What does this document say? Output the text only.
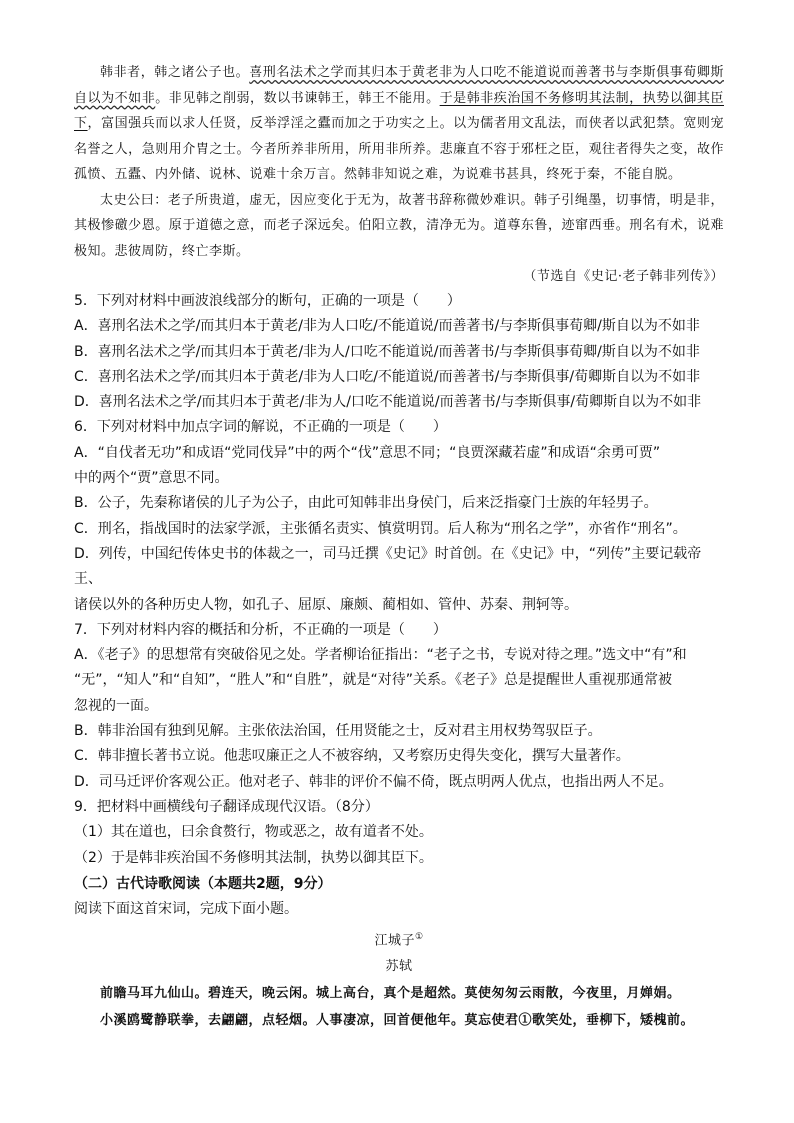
韩非者，韩之诸公子也。喜刑名法术之学而其归本于黄老非为人口吃不能道说而善著书与李斯俱事荀卿斯自以为不如非。非见韩之削弱，数以书谏韩王，韩王不能用。于是韩非疾治国不务修明其法制，执势以御其臣下，富国强兵而以求人任贤，反举浮淫之蠹而加之于功实之上。以为儒者用文乱法，而侠者以武犯禁。宽则宠名誉之人，急则用介胄之士。今者所养非所用，所用非所养。悲廉直不容于邪枉之臣，观往者得失之变，故作孤愤、五蠹、内外储、说林、说难十余万言。然韩非知说之难，为说难书甚具，终死于秦，不能自脱。

太史公曰：老子所贵道，虚无，因应变化于无为，故著书辞称微妙难识。韩子引绳墨，切事情，明是非，其极惨礉少恩。原于道德之意，而老子深远矣。伯阳立教，清净无为。道尊东鲁，迹窜西垂。刑名有术，说难极知。悲彼周防，终亡李斯。

（节选自《史记·老子韩非列传》）

5．下列对材料中画波浪线部分的断句，正确的一项是（　　）

A．喜刑名法术之学/而其归本于黄老/非为人口吃/不能道说/而善著书/与李斯俱事荀卿/斯自以为不如非

B．喜刑名法术之学/而其归本于黄老/非为人/口吃不能道说/而善著书/与李斯俱事荀卿/斯自以为不如非

C．喜刑名法术之学/而其归本于黄老/非为人口吃/不能道说/而善著书/与李斯俱事/荀卿斯自以为不如非

D．喜刑名法术之学/而其归本于黄老/非为人/口吃不能道说/而善著书/与李斯俱事/荀卿斯自以为不如非

6．下列对材料中加点字词的解说，不正确的一项是（　　）

A．“自伐者无功”和成语“党同伐异”中的两个“伐”意思不同；“良贾深藏若虚”和成语“余勇可贾”

中的两个“贾”意思不同。

B．公子，先秦称诸侯的儿子为公子，由此可知韩非出身侯门，后来泛指豪门士族的年轻男子。

C．刑名，指战国时的法家学派，主张循名责实、慎赏明罚。后人称为“刑名之学”，亦省作“刑名”。

D．列传，中国纪传体史书的体裁之一，司马迁撰《史记》时首创。在《史记》中，“列传”主要记载帝王、

诸侯以外的各种历史人物，如孔子、屈原、廉颇、蔺相如、管仲、苏秦、荆轲等。

7．下列对材料内容的概括和分析，不正确的一项是（　　）

A．《老子》的思想常有突破俗见之处。学者柳诒征指出：“老子之书，专说对待之理。”选文中“有”和

“无”，“知人”和“自知”，“胜人”和“自胜”，就是“对待”关系。《老子》总是提醒世人重视那通常被

忽视的一面。

B．韩非治国有独到见解。主张依法治国，任用贤能之士，反对君主用权势驾驭臣子。

C．韩非擅长著书立说。他悲叹廉正之人不被容纳，又考察历史得失变化，撰写大量著作。

D．司马迁评价客观公正。他对老子、韩非的评价不偏不倚，既点明两人优点，也指出两人不足。

9．把材料中画横线句子翻译成现代汉语。（8分）

（1）其在道也，曰余食赘行，物或恶之，故有道者不处。

（2）于是韩非疾治国不务修明其法制，执势以御其臣下。

（二）古代诗歌阅读（本题共2题，9分）

阅读下面这首宋词，完成下面小题。

江城子①

苏轼

前瞻马耳九仙山。碧连天，晚云闲。城上高台，真个是超然。莫使匆匆云雨散，今夜里，月婵娟。

小溪鸥鹭静联拳，去翩翩，点轻烟。人事凄凉，回首便他年。莫忘使君①歌笑处，垂柳下，矮槐前。
